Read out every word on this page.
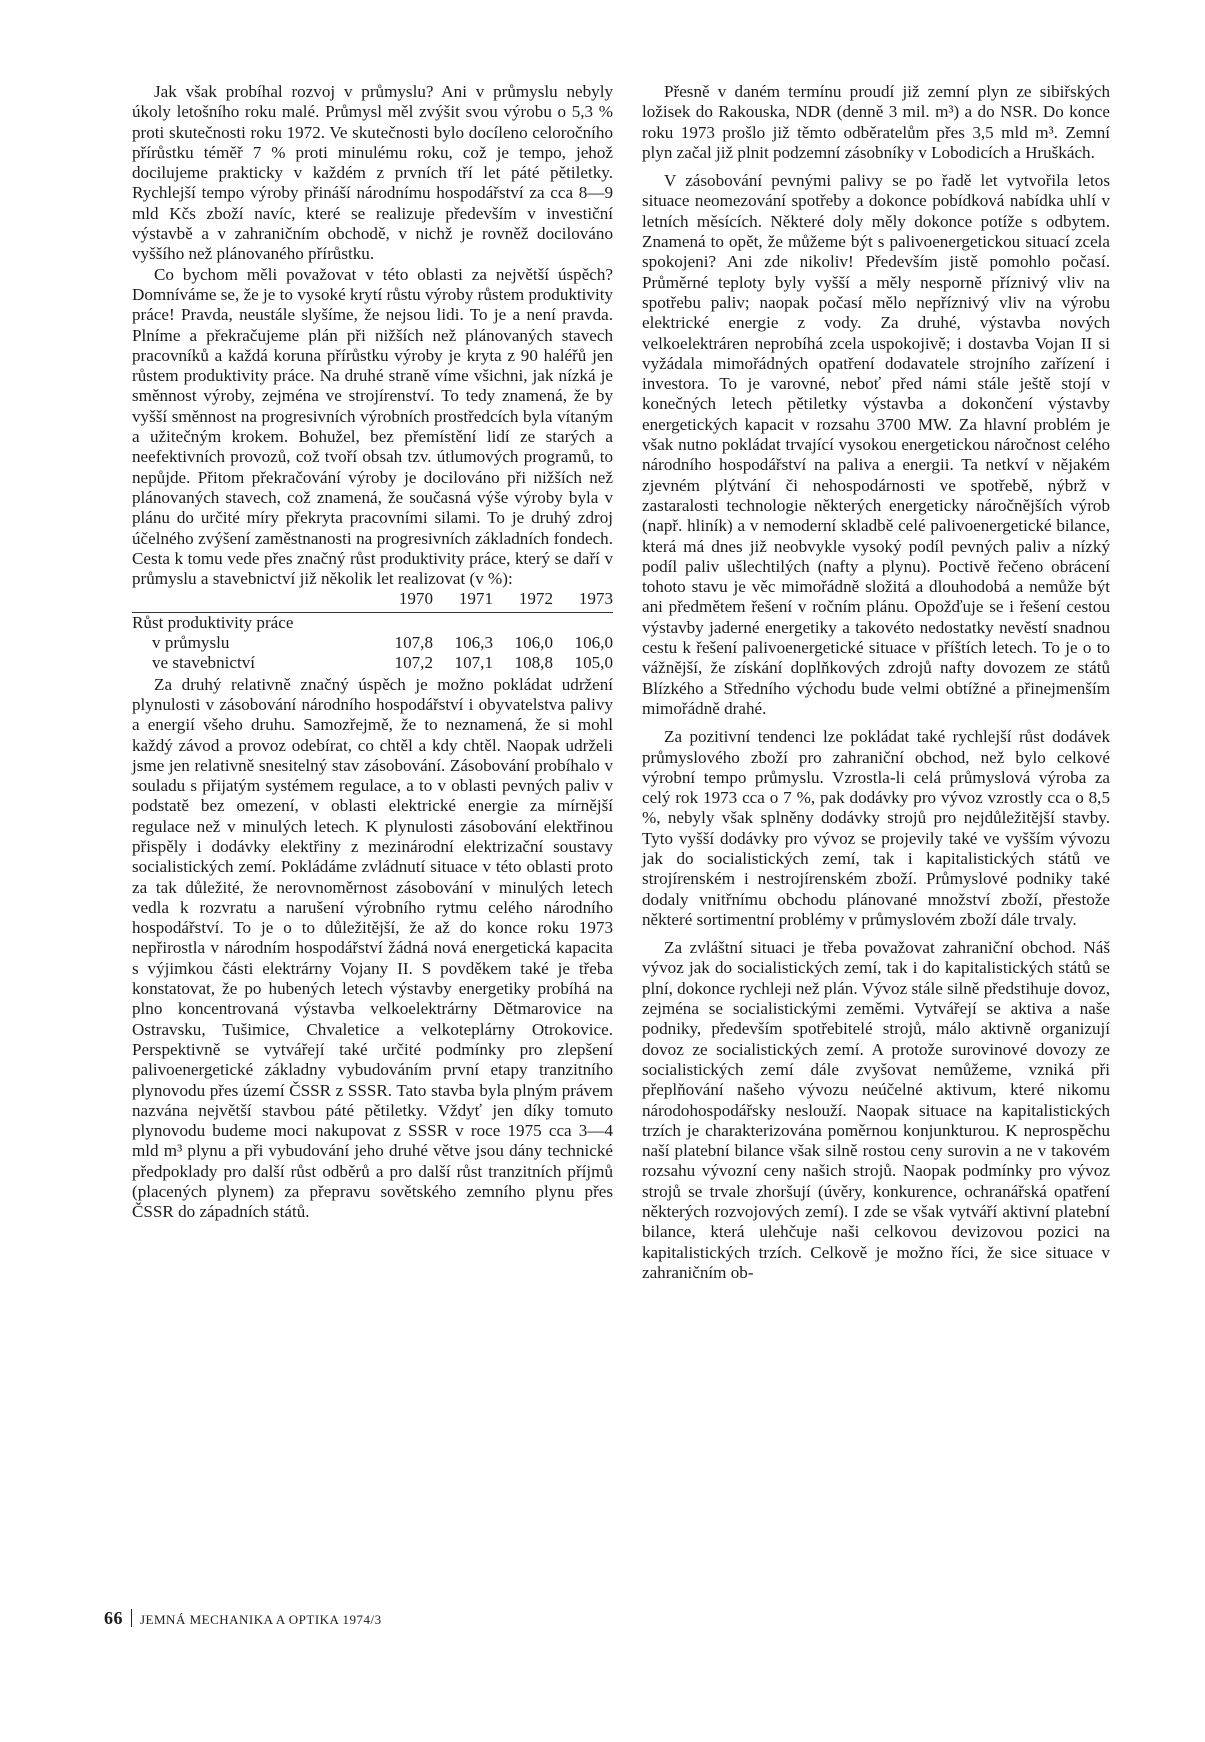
Jak však probíhal rozvoj v průmyslu? Ani v průmyslu nebyly úkoly letošního roku malé. Průmysl měl zvýšit svou výrobu o 5,3 % proti skutečnosti roku 1972. Ve skutečnosti bylo docíleno celoročního přírůstku téměř 7 % proti minulému roku, což je tempo, jehož docilujeme prakticky v každém z prvních tří let páté pětiletky. Rychlejší tempo výroby přináší národnímu hospodářství za cca 8—9 mld Kčs zboží navíc, které se realizuje především v investiční výstavbě a v zahraničním obchodě, v nichž je rovněž docilováno vyššího než plánovaného přírůstku.

Co bychom měli považovat v této oblasti za největší úspěch? Domníváme se, že je to vysoké krytí růstu výroby růstem produktivity práce! Pravda, neustále slyšíme, že nejsou lidi. To je a není pravda. Plníme a překračujeme plán při nižších než plánovaných stavech pracovníků a každá koruna přírůstku výroby je kryta z 90 haléřů jen růstem produktivity práce. Na druhé straně víme všichni, jak nízká je směnnost výroby, zejména ve strojírenství. To tedy znamená, že by vyšší směnnost na progresivních výrobních prostředcích byla vítaným a užitečným krokem. Bohužel, bez přemístění lidí ze starých a neefektivních provozů, což tvoří obsah tzv. útlumových programů, to nepůjde. Přitom překračování výroby je docilováno při nižších než plánovaných stavech, což znamená, že současná výše výroby byla v plánu do určité míry překryta pracovními silami. To je druhý zdroj účelného zvýšení zaměstnanosti na progresivních základních fondech. Cesta k tomu vede přes značný růst produktivity práce, který se daří v průmyslu a stavebnictví již několik let realizovat (v %):

	1970	1971	1972	1973
Růst produktivity práce				
v průmyslu	107,8	106,3	106,0	106,0
ve stavebnictví	107,2	107,1	108,8	105,0

Za druhý relativně značný úspěch je možno pokládat udržení plynulosti v zásobování národního hospodářství i obyvatelstva palivy a energií všeho druhu. Samozřejmě, že to neznamená, že si mohl každý závod a provoz odebírat, co chtěl a kdy chtěl. Naopak udrželi jsme jen relativně snesitelný stav zásobování. Zásobování probíhalo v souladu s přijatým systémem regulace, a to v oblasti pevných paliv v podstatě bez omezení, v oblasti elektrické energie za mírnější regulace než v minulých letech. K plynulosti zásobování elektřinou přispěly i dodávky elektřiny z mezinárodní elektrizační soustavy socialistických zemí. Pokládáme zvládnutí situace v této oblasti proto za tak důležité, že nerovnoměrnost zásobování v minulých letech vedla k rozvratu a narušení výrobního rytmu celého národního hospodářství. To je o to důležitější, že až do konce roku 1973 nepřirostla v národním hospodářství žádná nová energetická kapacita s výjimkou části elektrárny Vojany II. S povděkem také je třeba konstatovat, že po hubených letech výstavby energetiky probíhá na plno koncentrovaná výstavba velkoelektrárny Dětmarovice na Ostravsku, Tušimice, Chvaletice a velkoteplárny Otrokovice. Perspektivně se vytvářejí také určité podmínky pro zlepšení palivoenergetické základny vybudováním první etapy tranzitního plynovodu přes území ČSSR z SSSR. Tato stavba byla plným právem nazvána největší stavbou páté pětiletky. Vždyť jen díky tomuto plynovodu budeme moci nakupovat z SSSR v roce 1975 cca 3—4 mld m³ plynu a při vybudování jeho druhé větve jsou dány technické předpoklady pro další růst odběrů a pro další růst tranzitních příjmů (placených plynem) za přepravu sovětského zemního plynu přes ČSSR do západních států.

Přesně v daném termínu proudí již zemní plyn ze sibiřských ložisek do Rakouska, NDR (denně 3 mil. m³) a do NSR. Do konce roku 1973 prošlo již těmto odběratelům přes 3,5 mld m³. Zemní plyn začal již plnit podzemní zásobníky v Lobodicích a Hruškách.

V zásobování pevnými palivy se po řadě let vytvořila letos situace neomezování spotřeby a dokonce pobídková nabídka uhlí v letních měsících. Některé doly měly dokonce potíže s odbytem. Znamená to opět, že můžeme být s palivoenergetickou situací zcela spokojeni? Ani zde nikoliv! Především jistě pomohlo počasí. Průměrné teploty byly vyšší a měly nesporně příznivý vliv na spotřebu paliv; naopak počasí mělo nepříznivý vliv na výrobu elektrické energie z vody. Za druhé, výstavba nových velkoelektráren neprobíhá zcela uspokojivě; i dostavba Vojan II si vyžádala mimořádných opatření dodavatele strojního zařízení i investora. To je varovné, neboť před námi stále ještě stojí v konečných letech pětiletky výstavba a dokončení výstavby energetických kapacit v rozsahu 3700 MW. Za hlavní problém je však nutno pokládat trvající vysokou energetickou náročnost celého národního hospodářství na paliva a energii. Ta netkví v nějakém zjevném plýtvání či nehospodárnosti ve spotřebě, nýbrž v zastaralosti technologie některých energeticky náročnějších výrob (např. hliník) a v nemoderní skladbě celé palivoenergetické bilance, která má dnes již neobvykle vysoký podíl pevných paliv a nízký podíl paliv ušlechtilých (nafty a plynu). Poctivě řečeno obrácení tohoto stavu je věc mimořádně složitá a dlouhodobá a nemůže být ani předmětem řešení v ročním plánu. Opožďuje se i řešení cestou výstavby jaderné energetiky a takovéto nedostatky nevěstí snadnou cestu k řešení palivoenergetické situace v příštích letech. To je o to vážnější, že získání doplňkových zdrojů nafty dovozem ze států Blízkého a Středního východu bude velmi obtížné a přinejmenším mimořádně drahé.

Za pozitivní tendenci lze pokládat také rychlejší růst dodávek průmyslového zboží pro zahraniční obchod, než bylo celkové výrobní tempo průmyslu. Vzrostla-li celá průmyslová výroba za celý rok 1973 cca o 7 %, pak dodávky pro vývoz vzrostly cca o 8,5 %, nebyly však splněny dodávky strojů pro nejdůležitější stavby. Tyto vyšší dodávky pro vývoz se projevily také ve vyšším vývozu jak do socialistických zemí, tak i kapitalistických států ve strojírenském i nestrojírenském zboží. Průmyslové podniky také dodaly vnitřnímu obchodu plánované množství zboží, přestože některé sortimentní problémy v průmyslovém zboží dále trvaly.

Za zvláštní situaci je třeba považovat zahraniční obchod. Náš vývoz jak do socialistických zemí, tak i do kapitalistických států se plní, dokonce rychleji než plán. Vývoz stále silně předstihuje dovoz, zejména se socialistickými zeměmi. Vytvářejí se aktiva a naše podniky, především spotřebitelé strojů, málo aktivně organizují dovoz ze socialistických zemí. A protože surovinové dovozy ze socialistických zemí dále zvyšovat nemůžeme, vzniká při přeplňování našeho vývozu neúčelné aktivum, které nikomu národohospodářsky neslouží. Naopak situace na kapitalistických trzích je charakterizována poměrnou konjunkturou. K neprospěchu naší platební bilance však silně rostou ceny surovin a ne v takovém rozsahu vývozní ceny našich strojů. Naopak podmínky pro vývoz strojů se trvale zhoršují (úvěry, konkurence, ochranářská opatření některých rozvojových zemí). I zde se však vytváří aktivní platební bilance, která ulehčuje naši celkovou devizovou pozici na kapitalistických trzích. Celkově je možno říci, že sice situace v zahraničním ob-

66 JEMNÁ MECHANIKA A OPTIKA 1974/3
